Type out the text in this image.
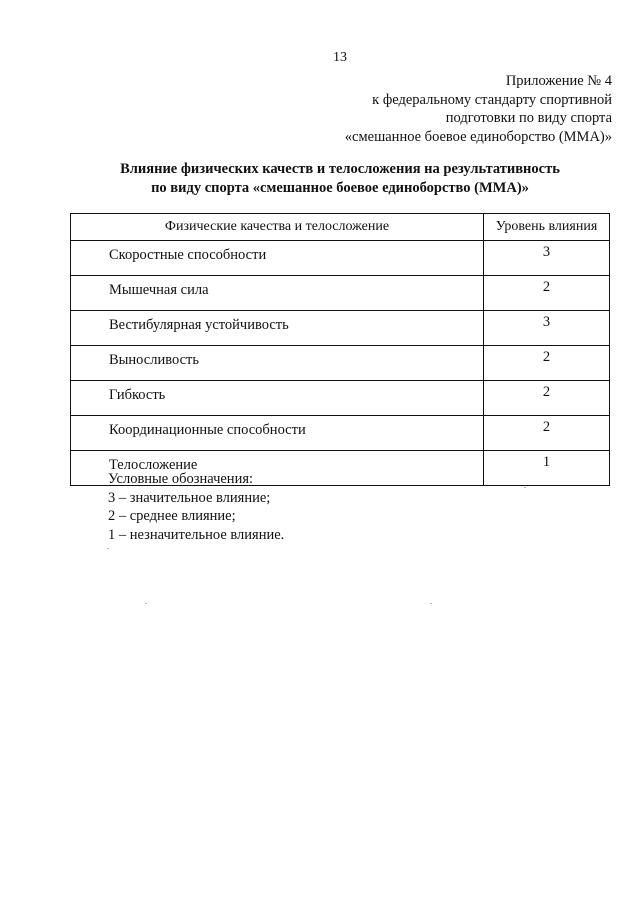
13
Приложение № 4
к федеральному стандарту спортивной
подготовки по виду спорта
«смешанное боевое единоборство (ММА)»
Влияние физических качеств и телосложения на результативность
по виду спорта «смешанное боевое единоборство (ММА)»
Физические качества и телосложение	Уровень влияния
Скоростные способности	3
Мышечная сила	2
Вестибулярная устойчивость	3
Выносливость	2
Гибкость	2
Координационные способности	2
Телосложение	1
Условные обозначения:
3 – значительное влияние;
2 – среднее влияние;
1 – незначительное влияние.
